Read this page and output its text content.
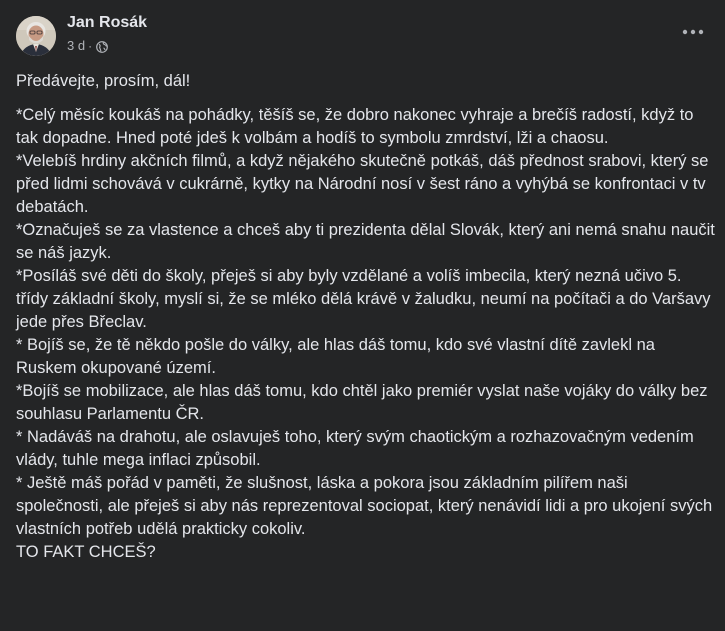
Jan Rosák
3 d ·

Předávejte, prosím, dál!

*Celý měsíc koukáš na pohádky, těšíš se, že dobro nakonec vyhraje a brečíš radostí, když to tak dopadne. Hned poté jdeš k volbám a hodíš to symbolu zmrdství, lži a chaosu.

*Velebíš hrdiny akčních filmů, a když nějakého skutečně potkáš, dáš přednost srabovi, který se před lidmi schovává v cukrárně, kytky na Národní nosí v šest ráno a vyhýbá se konfrontaci v tv debatách.

*Označuješ se za vlastence a chceš aby ti prezidenta dělal Slovák, který ani nemá snahu naučit se náš jazyk.

*Posíláš své děti do školy, přeješ si aby byly vzdělané a volíš imbecila, který nezná učivo 5. třídy základní školy, myslí si, že se mléko dělá krávě v žaludku, neumí na počítači a do Varšavy jede přes Břeclav.

* Bojíš se, že tě někdo pošle do války, ale hlas dáš tomu, kdo své vlastní dítě zavlekl na Ruskem okupované území.

*Bojíš se mobilizace, ale hlas dáš tomu, kdo chtěl jako premiér vyslat naše vojáky do války bez souhlasu Parlamentu ČR.

* Nadáváš na drahotu, ale oslavuješ toho, který svým chaotickým a rozhazovačným vedením vlády, tuhle mega inflaci způsobil.

* Ještě máš pořád v paměti, že slušnost, láska a pokora jsou základním pilířem naši společnosti, ale přeješ si aby nás reprezentoval sociopat, který nenávidí lidi a pro ukojení svých vlastních potřeb udělá prakticky cokoliv.

TO FAKT CHCEŠ?
